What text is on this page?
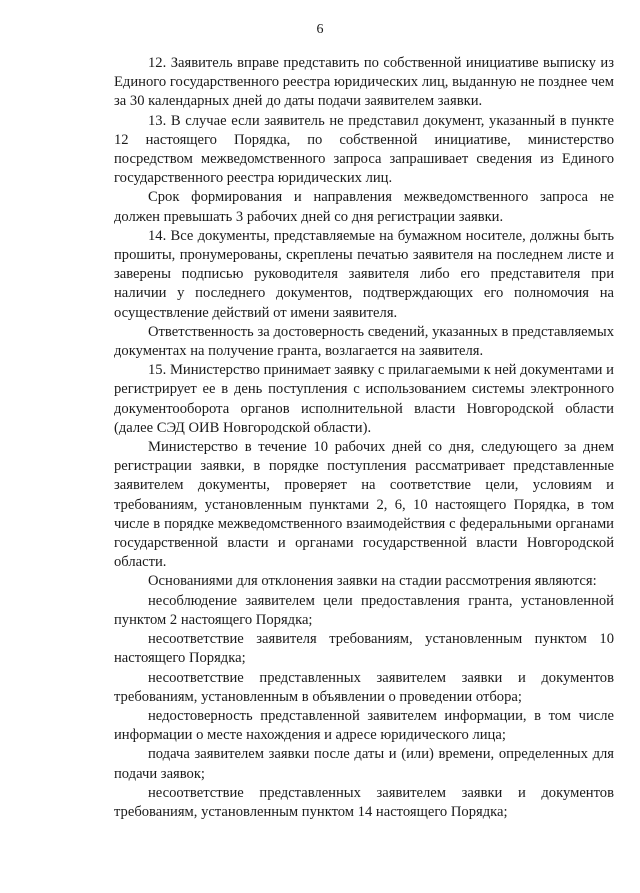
6

12. Заявитель вправе представить по собственной инициативе выписку из Единого государственного реестра юридических лиц, выданную не позднее чем за 30 календарных дней до даты подачи заявителем заявки.

13. В случае если заявитель не представил документ, указанный в пункте 12 настоящего Порядка, по собственной инициативе, министерство посредством межведомственного запроса запрашивает сведения из Единого государственного реестра юридических лиц.

Срок формирования и направления межведомственного запроса не должен превышать 3 рабочих дней со дня регистрации заявки.

14. Все документы, представляемые на бумажном носителе, должны быть прошиты, пронумерованы, скреплены печатью заявителя на последнем листе и заверены подписью руководителя заявителя либо его представителя при наличии у последнего документов, подтверждающих его полномочия на осуществление действий от имени заявителя.

Ответственность за достоверность сведений, указанных в представляемых документах на получение гранта, возлагается на заявителя.

15. Министерство принимает заявку с прилагаемыми к ней документами и регистрирует ее в день поступления с использованием системы электронного документооборота органов исполнительной власти Новгородской области (далее СЭД ОИВ Новгородской области).

Министерство в течение 10 рабочих дней со дня, следующего за днем регистрации заявки, в порядке поступления рассматривает представленные заявителем документы, проверяет на соответствие цели, условиям и требованиям, установленным пунктами 2, 6, 10 настоящего Порядка, в том числе в порядке межведомственного взаимодействия с федеральными органами государственной власти и органами государственной власти Новгородской области.

Основаниями для отклонения заявки на стадии рассмотрения являются:

несоблюдение заявителем цели предоставления гранта, установленной пунктом 2 настоящего Порядка;

несоответствие заявителя требованиям, установленным пунктом 10 настоящего Порядка;

несоответствие представленных заявителем заявки и документов требованиям, установленным в объявлении о проведении отбора;

недостоверность представленной заявителем информации, в том числе информации о месте нахождения и адресе юридического лица;

подача заявителем заявки после даты и (или) времени, определенных для подачи заявок;

несоответствие представленных заявителем заявки и документов требованиям, установленным пунктом 14 настоящего Порядка;
